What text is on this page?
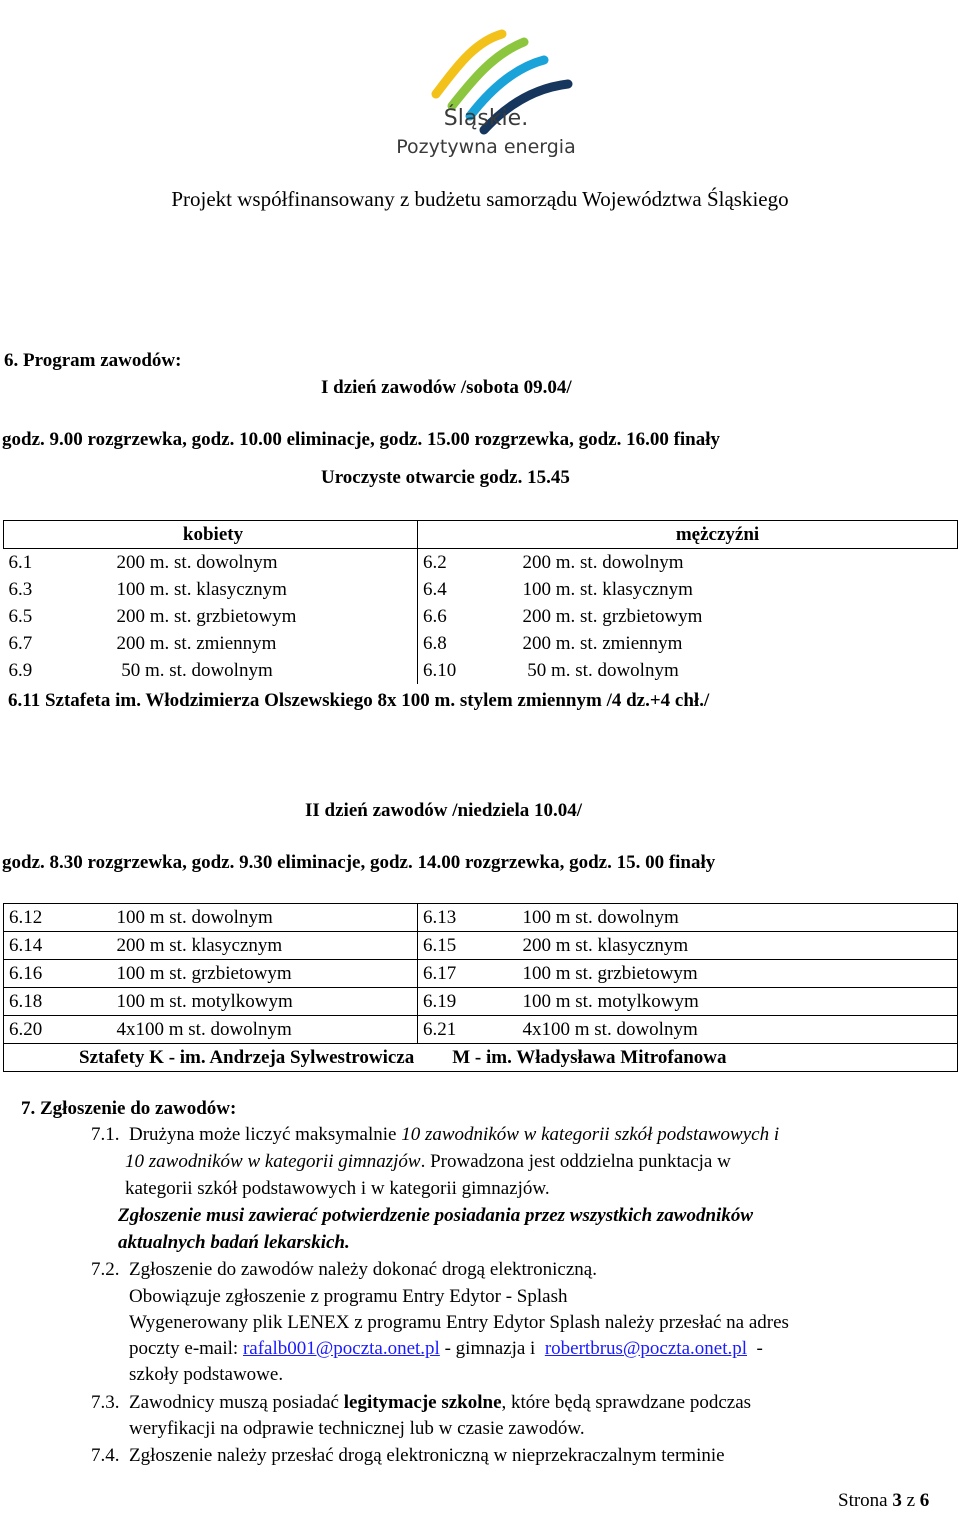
Śląskie.
Pozytywna energia
Projekt współfinansowany z budżetu samorządu Województwa Śląskiego
6. Program zawodów:
I dzień zawodów /sobota 09.04/
godz. 9.00 rozgrzewka, godz. 10.00 eliminacje, godz. 15.00 rozgrzewka, godz. 16.00 finały
Uroczyste otwarcie godz. 15.45
kobiety		mężczyźni	
6.1	200 m. st. dowolnym	6.2	200 m. st. dowolnym
6.3	100 m. st. klasycznym	6.4	100 m. st. klasycznym
6.5	200 m. st. grzbietowym	6.6	200 m. st. grzbietowym
6.7	200 m. st. zmiennym	6.8	200 m. st. zmiennym
6.9	50 m. st. dowolnym	6.10	50 m. st. dowolnym
6.11 Sztafeta im. Włodzimierza Olszewskiego 8x 100 m. stylem zmiennym /4 dz.+4 chł./
II dzień zawodów /niedziela 10.04/
godz. 8.30 rozgrzewka, godz. 9.30 eliminacje, godz. 14.00 rozgrzewka, godz. 15. 00 finały
6.12	100 m st. dowolnym	6.13	100 m st. dowolnym
6.14	200 m st. klasycznym	6.15	200 m st. klasycznym
6.16	100 m st. grzbietowym	6.17	100 m st. grzbietowym
6.18	100 m st. motylkowym	6.19	100 m st. motylkowym
6.20	4x100 m st. dowolnym	6.21	4x100 m st. dowolnym
Sztafety K - im. Andrzeja Sylwestrowicza M - im. Władysława Mitrofanowa			
7. Zgłoszenie do zawodów:
7.1. Drużyna może liczyć maksymalnie 10 zawodników w kategorii szkół podstawowych i
10 zawodników w kategorii gimnazjów. Prowadzona jest oddzielna punktacja w
kategorii szkół podstawowych i w kategorii gimnazjów.
Zgłoszenie musi zawierać potwierdzenie posiadania przez wszystkich zawodników
aktualnych badań lekarskich.
7.2. Zgłoszenie do zawodów należy dokonać drogą elektroniczną.
Obowiązuje zgłoszenie z programu Entry Edytor - Splash
Wygenerowany plik LENEX z programu Entry Edytor Splash należy przesłać na adres
poczty e-mail: rafalb001@poczta.onet.pl - gimnazja i  robertbrus@poczta.onet.pl  -
szkoły podstawowe.
7.3. Zawodnicy muszą posiadać legitymacje szkolne, które będą sprawdzane podczas
weryfikacji na odprawie technicznej lub w czasie zawodów.
7.4. Zgłoszenie należy przesłać drogą elektroniczną w nieprzekraczalnym terminie
Strona 3 z 6
